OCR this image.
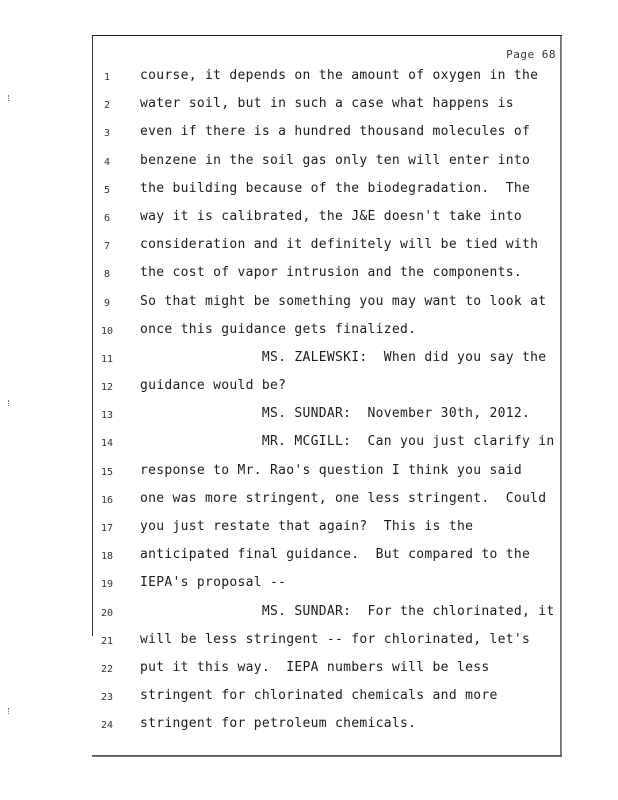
Page 68
1	course, it depends on the amount of oxygen in the
2	water soil, but in such a case what happens is
3	even if there is a hundred thousand molecules of
4	benzene in the soil gas only ten will enter into
5	the building because of the biodegradation.  The
6	way it is calibrated, the J&E doesn't take into
7	consideration and it definitely will be tied with
8	the cost of vapor intrusion and the components.
9	So that might be something you may want to look at
10	once this guidance gets finalized.
11	MS. ZALEWSKI:  When did you say the
12	guidance would be?
13	MS. SUNDAR:  November 30th, 2012.
14	MR. MCGILL:  Can you just clarify in
15	response to Mr. Rao's question I think you said
16	one was more stringent, one less stringent.  Could
17	you just restate that again?  This is the
18	anticipated final guidance.  But compared to the
19	IEPA's proposal --
20	MS. SUNDAR:  For the chlorinated, it
21	will be less stringent -- for chlorinated, let's
22	put it this way.  IEPA numbers will be less
23	stringent for chlorinated chemicals and more
24	stringent for petroleum chemicals.
